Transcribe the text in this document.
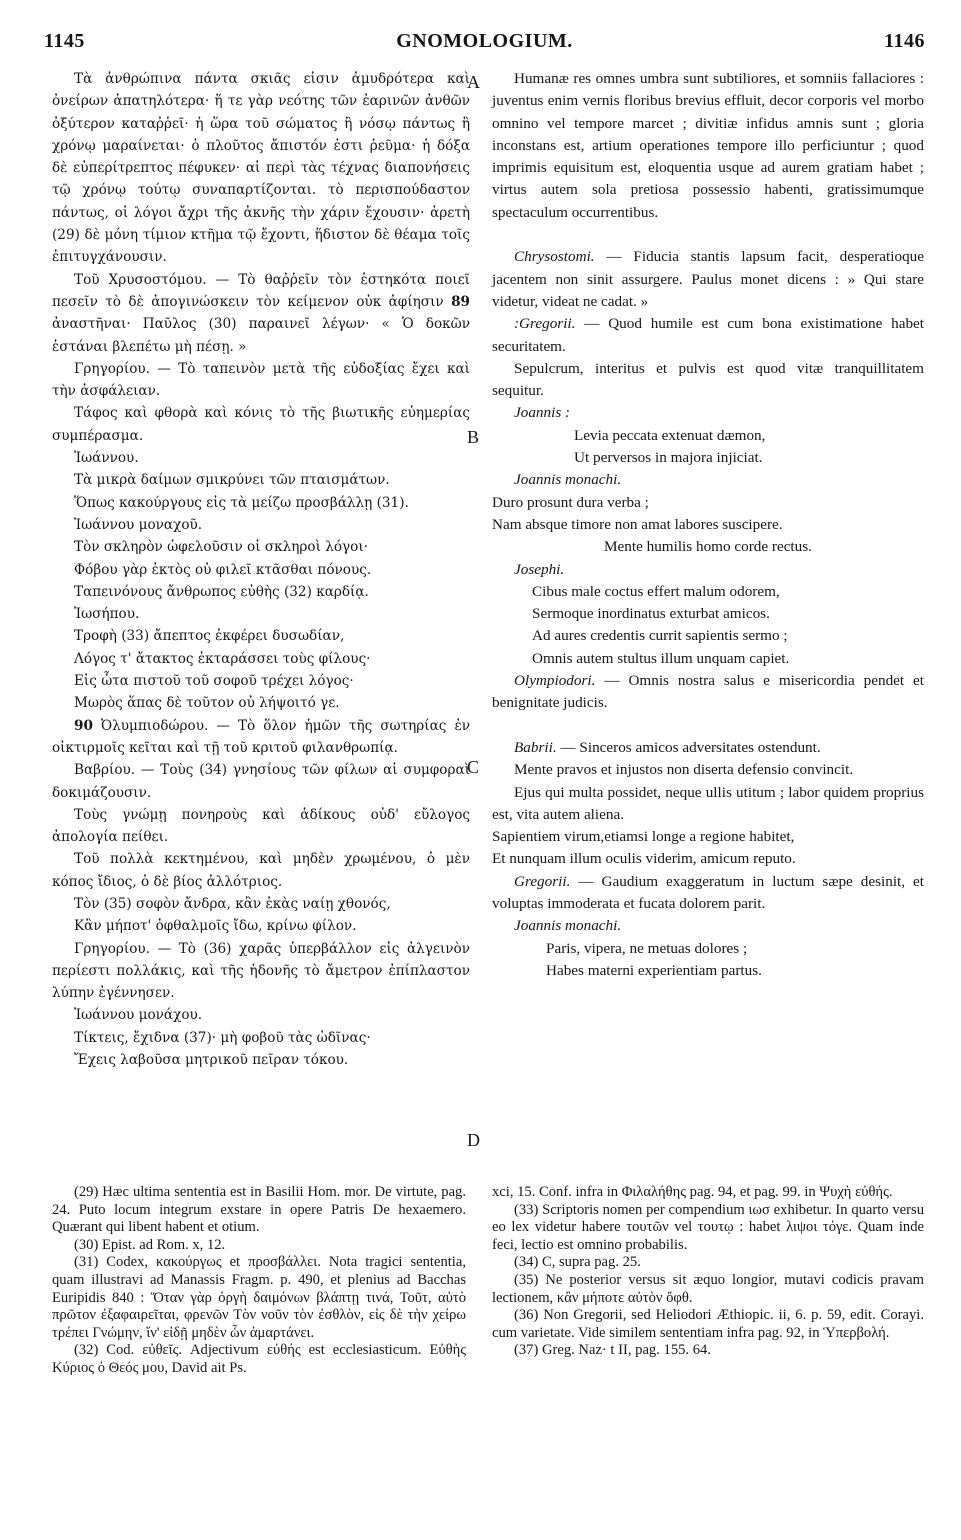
1145	GNOMOLOGIUM.	1146
A
B
C
D

Τὰ ἀνθρώπινα πάντα σκιᾶς εἰσιν ἀμυδρότερα καὶ ὀνείρων ἀπατηλότερα· ἥ τε γὰρ νεότης τῶν ἐαρινῶν ἀνθῶν ὀξύτερον καταῤῥεῖ· ἡ ὥρα τοῦ σώματος ἢ νόσῳ πάντως ἢ χρόνῳ μαραίνεται· ὁ πλοῦτος ἄπιστόν ἐστι ῥεῦμα· ἡ δόξα δὲ εὐπερίτρεπτος πέφυκεν· αἱ περὶ τὰς τέχνας διαπονήσεις τῷ χρόνῳ τούτῳ συναπαρτίζονται. τὸ περισπούδαστον πάντως, οἱ λόγοι ἄχρι τῆς ἀκνῆς τὴν χάριν ἔχουσιν· ἀρετὴ (29) δὲ μόνη τίμιον κτῆμα τῷ ἔχοντι, ἥδιστον δὲ θέαμα τοῖς ἐπιτυγχάνουσιν.

Τοῦ Χρυσοστόμου. — Τὸ θαῤῥεῖν τὸν ἑστηκότα ποιεῖ πεσεῖν τὸ δὲ ἀπογινώσκειν τὸν κείμενον οὐκ ἀφίησιν 89 ἀναστῆναι· Παῦλος (30) παραινεῖ λέγων· « Ὁ δοκῶν ἑστάναι βλεπέτω μὴ πέσῃ. »

Γρηγορίου. — Τὸ ταπεινὸν μετὰ τῆς εὐδοξίας ἔχει καὶ τὴν ἀσφάλειαν.

Τάφος καὶ φθορὰ καὶ κόνις τὸ τῆς βιωτικῆς εὐημερίας συμπέρασμα.

Ἰωάννου.

Τὰ μικρὰ δαίμων σμικρύνει τῶν πταισμάτων.

Ὅπως κακούργους εἰς τὰ μείζω προσβάλλῃ (31).

Ἰωάννου μοναχοῦ.

Τὸν σκληρὸν ὠφελοῦσιν οἱ σκληροὶ λόγοι·

Φόβου γὰρ ἐκτὸς οὐ φιλεῖ κτᾶσθαι πόνους.

Ταπεινόνους ἄνθρωπος εὐθὴς (32) καρδίᾳ.

Ἰωσήπου.

Τροφὴ (33) ἄπεπτος ἐκφέρει δυσωδίαν,

Λόγος τ' ἄτακτος ἐκταράσσει τοὺς φίλους·

Εἰς ὦτα πιστοῦ τοῦ σοφοῦ τρέχει λόγος·

Μωρὸς ἅπας δὲ τοῦτον οὐ λήψοιτό γε.

90 Ὀλυμπιοδώρου. — Τὸ ὅλον ἡμῶν τῆς σωτηρίας ἐν οἰκτιρμοῖς κεῖται καὶ τῇ τοῦ κριτοῦ φιλανθρωπίᾳ.

Βαβρίου. — Τοὺς (34) γνησίους τῶν φίλων αἱ συμφοραὶ δοκιμάζουσιν.

Τοὺς γνώμῃ πονηροὺς καὶ ἀδίκους οὐδ' εὔλογος ἀπολογία πείθει.

Τοῦ πολλὰ κεκτημένου, καὶ μηδὲν χρωμένου, ὁ μὲν κόπος ἴδιος, ὁ δὲ βίος ἀλλότριος.

Τὸν (35) σοφὸν ἄνδρα, κἂν ἑκὰς ναίῃ χθονός,

Κἂν μήποτ' ὀφθαλμοῖς ἴδω, κρίνω φίλον.

Γρηγορίου. — Τὸ (36) χαρᾶς ὑπερβάλλον εἰς ἀλγεινὸν περίεστι πολλάκις, καὶ τῆς ἡδονῆς τὸ ἄμετρον ἐπίπλαστον λύπην ἐγέννησεν.

Ἰωάννου μονάχου.

Τίκτεις, ἔχιδνα (37)· μὴ φοβοῦ τὰς ὠδῖνας·

Ἔχεις λαβοῦσα μητρικοῦ πεῖραν τόκου.

Humanæ res omnes umbra sunt subtiliores, et somniis fallaciores : juventus enim vernis floribus brevius effluit, decor corporis vel morbo omnino vel tempore marcet ; divitiæ infidus amnis sunt ; gloria inconstans est, artium operationes tempore illo perficiuntur ; quod imprimis equisitum est, eloquentia usque ad aurem gratiam habet ; virtus autem sola pretiosa possessio habenti, gratissimumque spectaculum occurrentibus.

Chrysostomi. — Fiducia stantis lapsum facit, desperatioque jacentem non sinit assurgere. Paulus monet dicens : » Qui stare videtur, videat ne cadat. »

:Gregorii. — Quod humile est cum bona existimatione habet securitatem.

Sepulcrum, interitus et pulvis est quod vitæ tranquillitatem sequitur.

Joannis :

Levia peccata extenuat dæmon,

Ut perversos in majora injiciat.

Joannis monachi.

Duro prosunt dura verba ;

Nam absque timore non amat labores suscipere.

Mente humilis homo corde rectus.

Josephi.

Cibus male coctus effert malum odorem,

Sermoque inordinatus exturbat amicos.

Ad aures credentis currit sapientis sermo ;

Omnis autem stultus illum unquam capiet.

Olympiodori. — Omnis nostra salus e misericordia pendet et benignitate judicis.

Babrii. — Sinceros amicos adversitates ostendunt.

Mente pravos et injustos non diserta defensio convincit.

Ejus qui multa possidet, neque ullis utitum ; labor quidem proprius est, vita autem aliena.

Sapientiem virum,etiamsi longe a regione habitet,

Et nunquam illum oculis viderim, amicum reputo.

Gregorii. — Gaudium exaggeratum in luctum sæpe desinit, et voluptas immoderata et fucata dolorem parit.

Joannis monachi.

Paris, vipera, ne metuas dolores ;

Habes materni experientiam partus.

(29) Hæc ultima sententia est in Basilii Hom. mor. De virtute, pag. 24. Puto locum integrum exstare in opere Patris De hexaemero. Quærant qui libent habent et otium.

(30) Epist. ad Rom. x, 12.

(31) Codex, κακούργως et προσβάλλει. Nota tragici sententia, quam illustravi ad Manassis Fragm. p. 490, et plenius ad Bacchas Euripidis 840 : Ὅταν γὰρ ὀργὴ δαιμόνων βλάπτῃ τινά, Τοῦτ, αὐτὸ πρῶτον ἐξαφαιρεῖται, φρενῶν Τὸν νοῦν τὸν ἐσθλὸν, εἰς δὲ τὴν χείρω τρέπει Γνώμην, ἵν' εἰδῇ μηδὲν ὧν ἁμαρτάνει.

(32) Cod. εὐθεῖς. Adjectivum εὐθής est ecclesiasticum. Εὐθὴς Κύριος ὁ Θεός μου, David ait Ps.

xci, 15. Conf. infra in Φιλαλήθης pag. 94, et pag. 99. in Ψυχὴ εὐθής.

(33) Scriptoris nomen per compendium ιωσ exhibetur. In quarto versu eo lex videtur habere τουτῶν vel τουτῳ : habet λιψοι τόγε. Quam inde feci, lectio est omnino probabilis.

(34) C, supra pag. 25.

(35) Ne posterior versus sit æquo longior, mutavi codicis pravam lectionem, κἂν μήποτε αὐτὸν ὄφθ.

(36) Non Gregorii, sed Heliodori Æthiopic. ii, 6. p. 59, edit. Corayi. cum varietate. Vide similem sententiam infra pag. 92, in Ὑπερβολή.

(37) Greg. Naz· t II, pag. 155. 64.
